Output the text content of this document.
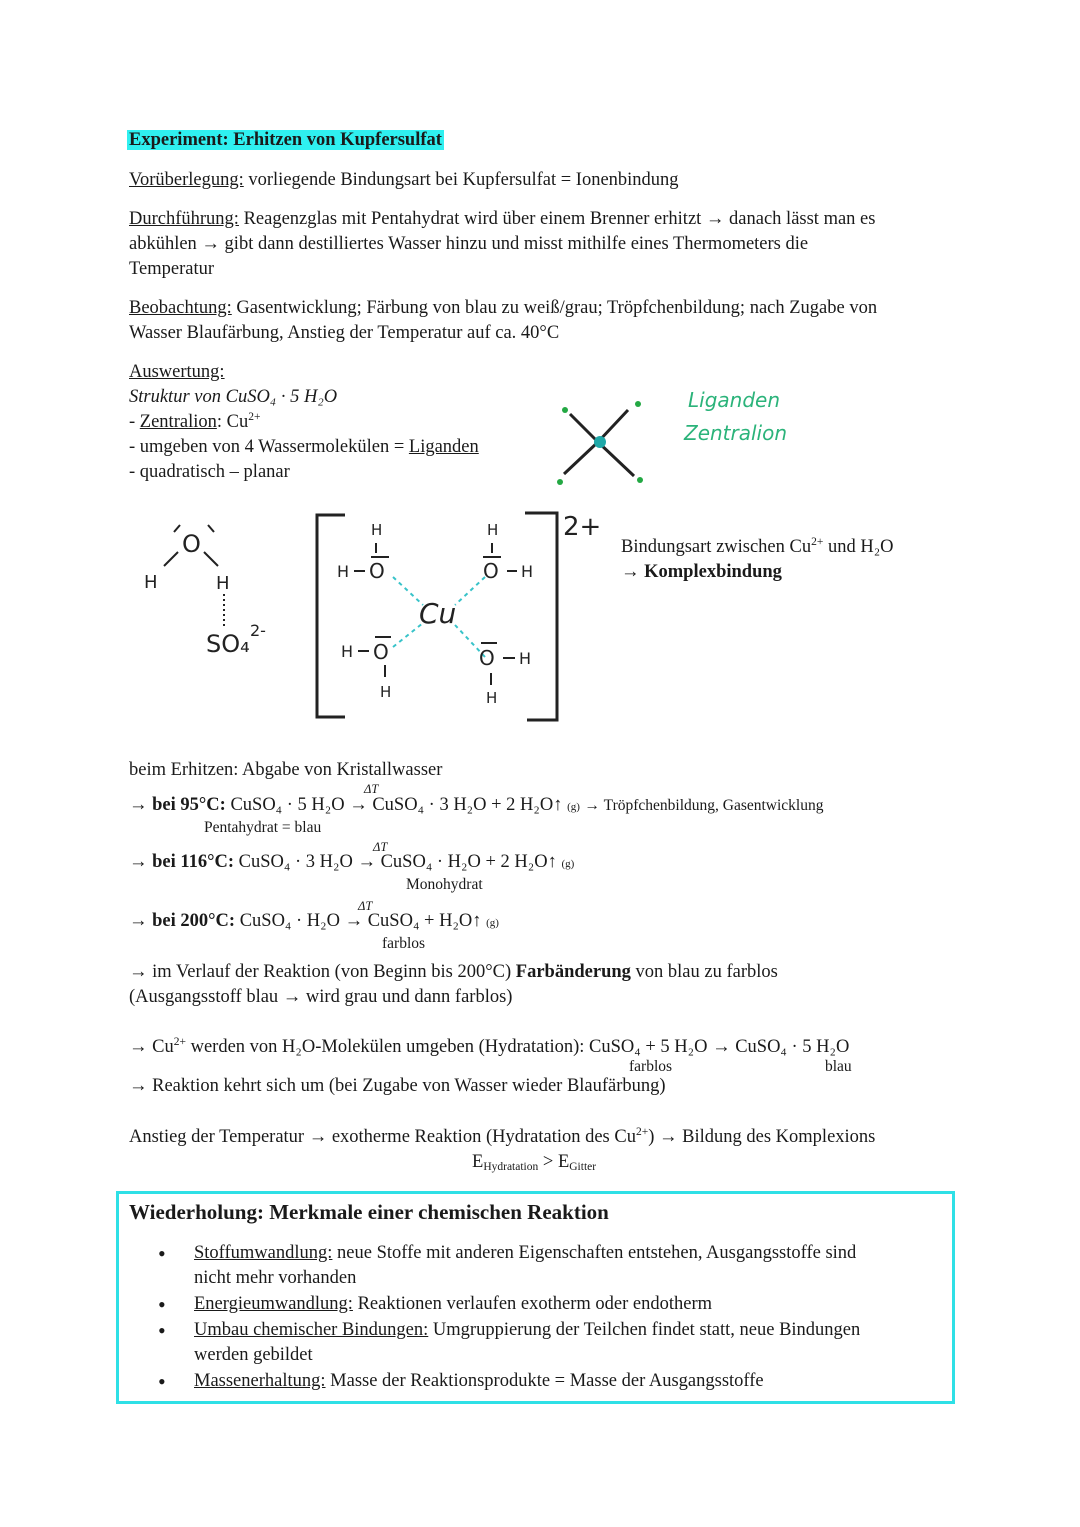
Experiment: Erhitzen von Kupfersulfat
Vorüberlegung: vorliegende Bindungsart bei Kupfersulfat = Ionenbindung
Durchführung: Reagenzglas mit Pentahydrat wird über einem Brenner erhitzt → danach lässt man es
abkühlen → gibt dann destilliertes Wasser hinzu und misst mithilfe eines Thermometers die
Temperatur
Beobachtung: Gasentwicklung; Färbung von blau zu weiß/grau; Tröpfchenbildung; nach Zugabe von
Wasser Blaufärbung, Anstieg der Temperatur auf ca. 40°C
Auswertung:
Struktur von CuSO₄ · 5 H₂O
- Zentralion: $Cu^{2+}$
- umgeben von 4 Wassermolekülen = Liganden
- quadratisch – planar
Liganden
Zentralion
O
H	H
SO₄ 2-
2+
H
H O
H
O H
Cu
H O
H
O H
H
Bindungsart zwischen $Cu^{2+}$ und H₂O
→ Komplexbindung
beim Erhitzen: Abgabe von Kristallwasser
ΔT
→ bei 95°C: CuSO₄ · 5 H₂O → CuSO₄ · 3 H₂O + 2 H₂O↑ (g) → Tröpfchenbildung, Gasentwicklung
Pentahydrat = blau
ΔT
→ bei 116°C: CuSO₄ · 3 H₂O → CuSO₄ · H₂O + 2 H₂O↑ (g)
Monohydrat
ΔT
→ bei 200°C: CuSO₄ · H₂O → CuSO₄ + H₂O↑ (g)
farblos
→ im Verlauf der Reaktion (von Beginn bis 200°C) Farbänderung von blau zu farblos
(Ausgangsstoff blau → wird grau und dann farblos)
→ $Cu^{2+}$ werden von H₂O-Molekülen umgeben (Hydratation): CuSO₄ + 5 H₂O → CuSO₄ · 5 H₂O
farblos	blau
→ Reaktion kehrt sich um (bei Zugabe von Wasser wieder Blaufärbung)
Anstieg der Temperatur → exotherme Reaktion (Hydratation des $Cu^{2+}$) → Bildung des Komplexions
$E_{Hydratation} > E_{Gitter}$
Wiederholung: Merkmale einer chemischen Reaktion
• Stoffumwandlung: neue Stoffe mit anderen Eigenschaften entstehen, Ausgangsstoffe sind
nicht mehr vorhanden
• Energieumwandlung: Reaktionen verlaufen exotherm oder endotherm
• Umbau chemischer Bindungen: Umgruppierung der Teilchen findet statt, neue Bindungen
werden gebildet
• Massenerhaltung: Masse der Reaktionsprodukte = Masse der Ausgangsstoffe
